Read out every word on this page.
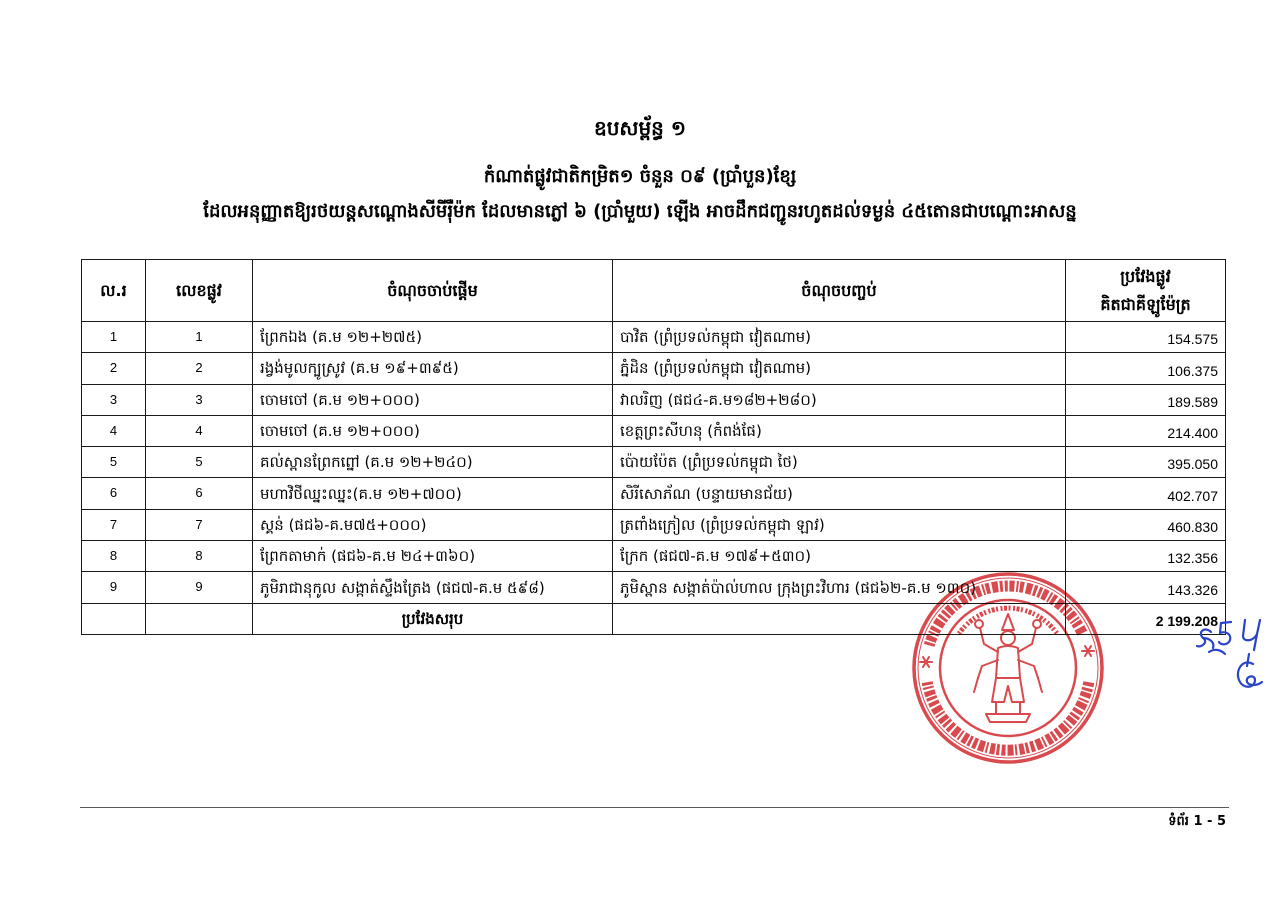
ឧបសម្ព័ន្ធ ១
កំណាត់ផ្លូវជាតិកម្រិត១ ចំនួន ០៩ (ប្រាំបួន)ខ្សែ
ដែលអនុញ្ញាតឱ្យរថយន្តសណ្តោងសីមីរ៉ឺម៉ក ដែលមានភ្លៅ ៦ (ប្រាំមួយ) ឡើង អាចដឹកជញ្ជូនរហូតដល់ទម្ងន់ ៤៥តោនជាបណ្តោះអាសន្ន
ល.រ	លេខផ្លូវ	ចំណុចចាប់ផ្តើម	ចំណុចបញ្ចប់	ប្រវែងផ្លូវ
គិតជាគីឡូម៉ែត្រ

1	1	ព្រែកឯង (គ.ម ១២+២៧៥)	បាវិត (ព្រំប្រទល់កម្ពុជា វៀតណាម)	154.575
2	2	រង្វង់មូលក្បូស្រូវ (គ.ម ១៩+៣៩៥)	ភ្នំដិន (ព្រំប្រទល់កម្ពុជា វៀតណាម)	106.375
3	3	ចោមចៅ (គ.ម ១២+០០០)	វាលរិញ (ផជ៤-គ.ម១៨២+២៨០)	189.589
4	4	ចោមចៅ (គ.ម ១២+០០០)	ខេត្តព្រះសីហនុ (កំពង់ផែ)	214.400
5	5	គល់ស្ពានព្រែកព្នៅ (គ.ម ១២+២៤០)	ប៉ោយប៉ែត (ព្រំប្រទល់កម្ពុជា ថៃ)	395.050
6	6	មហាវិថីឈ្នះឈ្នះ(គ.ម ១២+៧០០)	សិរីសោភ័ណ (បន្ទាយមានជ័យ)	402.707
7	7	ស្គន់ (ផជ៦-គ.ម៧៥+០០០)	ត្រពាំងក្រៀល (ព្រំប្រទល់កម្ពុជា ឡាវ)	460.830
8	8	ព្រែកតាមាក់ (ផជ៦-គ.ម ២៤+៣៦០)	ក្រែក (ផជ៧-គ.ម ១៧៩+៥៣០)	132.356
9	9	ភូមិរាជានុកូល សង្កាត់ស្ទឹងត្រែង (ផជ៧-គ.ម ៥៩៨)	ភូមិស្ពាន សង្កាត់ប៉ាល់ហាល ក្រុងព្រះវិហារ (ផជ៦២-គ.ម ១៣០)	143.326
		ប្រវែងសរុប		2 199.208
ទំព័រ 1 - 5
